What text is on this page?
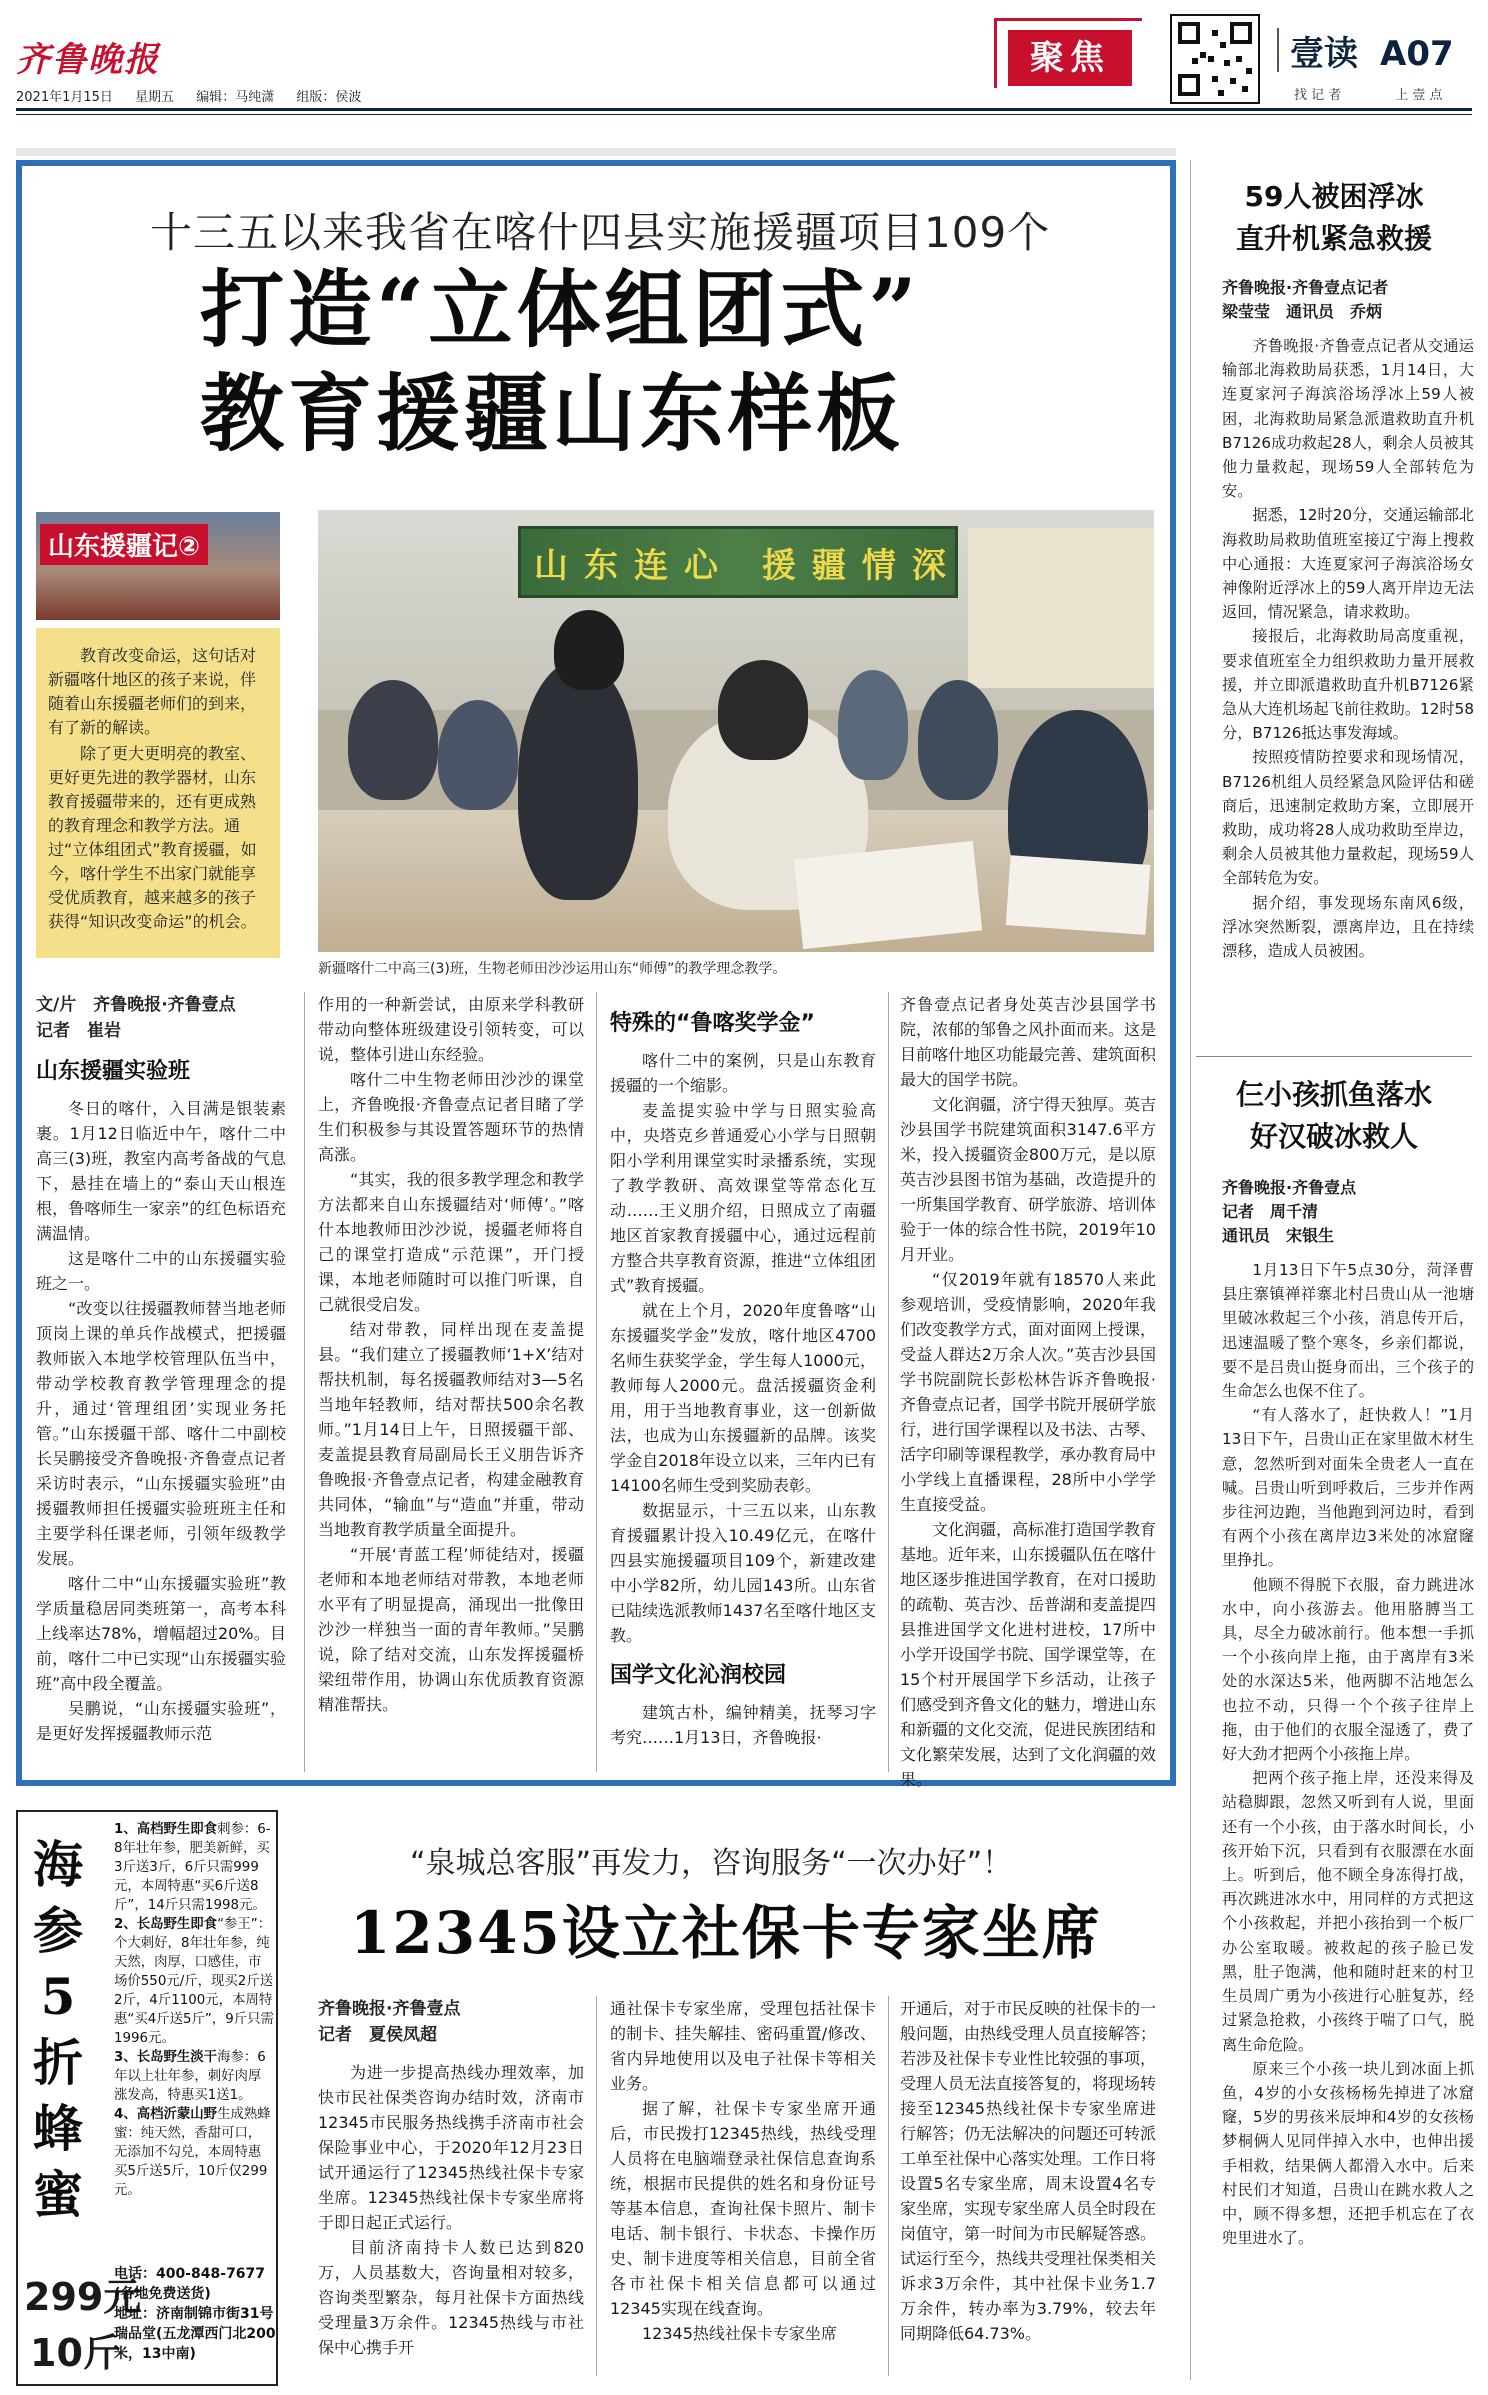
齐鲁晚报
2021年1月15日 星期五 编辑：马纯潇 组版：侯波
聚焦	壹读 A07
找 记 者	上 壹 点
十三五以来我省在喀什四县实施援疆项目109个
打造“立体组团式”
教育援疆山东样板
山东援疆记②

教育改变命运，这句话对新疆喀什地区的孩子来说，伴随着山东援疆老师们的到来，有了新的解读。

除了更大更明亮的教室、更好更先进的教学器材，山东教育援疆带来的，还有更成熟的教育理念和教学方法。通过“立体组团式”教育援疆，如今，喀什学生不出家门就能享受优质教育，越来越多的孩子获得“知识改变命运”的机会。

山东连心 援疆情深
新疆喀什二中高三(3)班，生物老师田沙沙运用山东“师傅”的教学理念教学。
文/片　齐鲁晚报·齐鲁壹点
记者　崔岩
山东援疆实验班

冬日的喀什，入目满是银装素裹。1月12日临近中午，喀什二中高三(3)班，教室内高考备战的气息下，悬挂在墙上的“泰山天山根连根，鲁喀师生一家亲”的红色标语充满温情。

这是喀什二中的山东援疆实验班之一。

“改变以往援疆教师替当地老师顶岗上课的单兵作战模式，把援疆教师嵌入本地学校管理队伍当中，带动学校教育教学管理理念的提升，通过‘管理组团’实现业务托管。”山东援疆干部、喀什二中副校长吴鹏接受齐鲁晚报·齐鲁壹点记者采访时表示，“山东援疆实验班”由援疆教师担任援疆实验班班主任和主要学科任课老师，引领年级教学发展。

喀什二中“山东援疆实验班”教学质量稳居同类班第一，高考本科上线率达78%，增幅超过20%。目前，喀什二中已实现“山东援疆实验班”高中段全覆盖。

吴鹏说，“山东援疆实验班”，是更好发挥援疆教师示范

作用的一种新尝试，由原来学科教研带动向整体班级建设引领转变，可以说，整体引进山东经验。

喀什二中生物老师田沙沙的课堂上，齐鲁晚报·齐鲁壹点记者目睹了学生们积极参与其设置答题环节的热情高涨。

“其实，我的很多教学理念和教学方法都来自山东援疆结对‘师傅’。”喀什本地教师田沙沙说，援疆老师将自己的课堂打造成“示范课”，开门授课，本地老师随时可以推门听课，自己就很受启发。

结对带教，同样出现在麦盖提县。“我们建立了援疆教师‘1+X’结对帮扶机制，每名援疆教师结对3—5名当地年轻教师，结对帮扶500余名教师。”1月14日上午，日照援疆干部、麦盖提县教育局副局长王义朋告诉齐鲁晚报·齐鲁壹点记者，构建金融教育共同体，“输血”与“造血”并重，带动当地教育教学质量全面提升。

“开展‘青蓝工程’师徒结对，援疆老师和本地老师结对带教，本地老师水平有了明显提高，涌现出一批像田沙沙一样独当一面的青年教师。”吴鹏说，除了结对交流，山东发挥援疆桥梁纽带作用，协调山东优质教育资源精准帮扶。

特殊的“鲁喀奖学金”

喀什二中的案例，只是山东教育援疆的一个缩影。

麦盖提实验中学与日照实验高中，央塔克乡普通爱心小学与日照朝阳小学利用课堂实时录播系统，实现了教学教研、高效课堂等常态化互动……王义朋介绍，日照成立了南疆地区首家教育援疆中心，通过远程前方整合共享教育资源，推进“立体组团式”教育援疆。

就在上个月，2020年度鲁喀“山东援疆奖学金”发放，喀什地区4700名师生获奖学金，学生每人1000元，教师每人2000元。盘活援疆资金利用，用于当地教育事业，这一创新做法，也成为山东援疆新的品牌。该奖学金自2018年设立以来，三年内已有14100名师生受到奖励表彰。

数据显示，十三五以来，山东教育援疆累计投入10.49亿元，在喀什四县实施援疆项目109个，新建改建中小学82所，幼儿园143所。山东省已陆续选派教师1437名至喀什地区支教。

国学文化沁润校园

建筑古朴，编钟精美，抚琴习字考究……1月13日，齐鲁晚报·

齐鲁壹点记者身处英吉沙县国学书院，浓郁的邹鲁之风扑面而来。这是目前喀什地区功能最完善、建筑面积最大的国学书院。

文化润疆，济宁得天独厚。英吉沙县国学书院建筑面积3147.6平方米，投入援疆资金800万元，是以原英吉沙县图书馆为基础，改造提升的一所集国学教育、研学旅游、培训体验于一体的综合性书院，2019年10月开业。

“仅2019年就有18570人来此参观培训，受疫情影响，2020年我们改变教学方式，面对面网上授课，受益人群达2万余人次。”英吉沙县国学书院副院长彭松林告诉齐鲁晚报·齐鲁壹点记者，国学书院开展研学旅行，进行国学课程以及书法、古琴、活字印刷等课程教学，承办教育局中小学线上直播课程，28所中小学学生直接受益。

文化润疆，高标准打造国学教育基地。近年来，山东援疆队伍在喀什地区逐步推进国学教育，在对口援助的疏勒、英吉沙、岳普湖和麦盖提四县推进国学文化进村进校，17所中小学开设国学书院、国学课堂等，在15个村开展国学下乡活动，让孩子们感受到齐鲁文化的魅力，增进山东和新疆的文化交流，促进民族团结和文化繁荣发展，达到了文化润疆的效果。

海参5折蜂蜜
1、高档野生即食刺参：6-8年壮年参，肥美新鲜，买3斤送3斤，6斤只需999元，本周特惠“买6斤送8斤”，14斤只需1998元。
2、长岛野生即食“参王”：个大刺好，8年壮年参，纯天然，肉厚，口感佳，市场价550元/斤，现买2斤送2斤，4斤1100元，本周特惠“买4斤送5斤”，9斤只需1996元。
3、长岛野生淡干海参：6年以上壮年参，刺好肉厚涨发高，特惠买1送1。
4、高档沂蒙山野生成熟蜂蜜：纯天然，香甜可口，无添加不勾兑，本周特惠买5斤送5斤，10斤仅299元。
299元
10斤
电话：400-848-7677
(各地免费送货)
地址：济南制锦市街31号瑞品堂(五龙潭西门北200米，13中南)
“泉城总客服”再发力，咨询服务“一次办好”！
12345设立社保卡专家坐席
齐鲁晚报·齐鲁壹点
记者　夏侯凤超

为进一步提高热线办理效率，加快市民社保类咨询办结时效，济南市12345市民服务热线携手济南市社会保险事业中心，于2020年12月23日试开通运行了12345热线社保卡专家坐席。12345热线社保卡专家坐席将于即日起正式运行。

目前济南持卡人数已达到820万，人员基数大，咨询量相对较多，咨询类型繁杂，每月社保卡方面热线受理量3万余件。12345热线与市社保中心携手开

通社保卡专家坐席，受理包括社保卡的制卡、挂失解挂、密码重置/修改、省内异地使用以及电子社保卡等相关业务。

据了解，社保卡专家坐席开通后，市民拨打12345热线，热线受理人员将在电脑端登录社保信息查询系统，根据市民提供的姓名和身份证号等基本信息，查询社保卡照片、制卡电话、制卡银行、卡状态、卡操作历史、制卡进度等相关信息，目前全省各市社保卡相关信息都可以通过12345实现在线查询。

12345热线社保卡专家坐席

开通后，对于市民反映的社保卡的一般问题，由热线受理人员直接解答；若涉及社保卡专业性比较强的事项，受理人员无法直接答复的，将现场转接至12345热线社保卡专家坐席进行解答；仍无法解决的问题还可转派工单至社保中心落实处理。工作日将设置5名专家坐席，周末设置4名专家坐席，实现专家坐席人员全时段在岗值守，第一时间为市民解疑答惑。试运行至今，热线共受理社保类相关诉求3万余件，其中社保卡业务1.7万余件，转办率为3.79%，较去年同期降低64.73%。

59人被困浮冰
直升机紧急救援
齐鲁晚报·齐鲁壹点记者
梁莹莹　通讯员　乔炳

齐鲁晚报·齐鲁壹点记者从交通运输部北海救助局获悉，1月14日，大连夏家河子海滨浴场浮冰上59人被困，北海救助局紧急派遣救助直升机B7126成功救起28人，剩余人员被其他力量救起，现场59人全部转危为安。

据悉，12时20分，交通运输部北海救助局救助值班室接辽宁海上搜救中心通报：大连夏家河子海滨浴场女神像附近浮冰上的59人离开岸边无法返回，情况紧急，请求救助。

接报后，北海救助局高度重视，要求值班室全力组织救助力量开展救援，并立即派遣救助直升机B7126紧急从大连机场起飞前往救助。12时58分，B7126抵达事发海域。

按照疫情防控要求和现场情况，B7126机组人员经紧急风险评估和磋商后，迅速制定救助方案，立即展开救助，成功将28人成功救助至岸边，剩余人员被其他力量救起，现场59人全部转危为安。

据介绍，事发现场东南风6级，浮冰突然断裂，漂离岸边，且在持续漂移，造成人员被困。

仨小孩抓鱼落水
好汉破冰救人
齐鲁晚报·齐鲁壹点
记者　周千清
通讯员　宋银生

1月13日下午5点30分，菏泽曹县庄寨镇禅祥寨北村吕贵山从一池塘里破冰救起三个小孩，消息传开后，迅速温暖了整个寒冬，乡亲们都说，要不是吕贵山挺身而出，三个孩子的生命怎么也保不住了。

“有人落水了，赶快救人！”1月13日下午，吕贵山正在家里做木材生意，忽然听到对面朱全贵老人一直在喊。吕贵山听到呼救后，三步并作两步往河边跑，当他跑到河边时，看到有两个小孩在离岸边3米处的冰窟窿里挣扎。

他顾不得脱下衣服，奋力跳进冰水中，向小孩游去。他用胳膊当工具，尽全力破冰前行。他本想一手抓一个小孩向岸上拖，由于离岸有3米处的水深达5米，他两脚不沾地怎么也拉不动，只得一个个孩子往岸上拖，由于他们的衣服全湿透了，费了好大劲才把两个小孩拖上岸。

把两个孩子拖上岸，还没来得及站稳脚跟，忽然又听到有人说，里面还有一个小孩，由于落水时间长，小孩开始下沉，只看到有衣服漂在水面上。听到后，他不顾全身冻得打战，再次跳进冰水中，用同样的方式把这个小孩救起，并把小孩抬到一个板厂办公室取暖。被救起的孩子脸已发黑，肚子饱满，他和随时赶来的村卫生员周广勇为小孩进行心脏复苏，经过紧急抢救，小孩终于喘了口气，脱离生命危险。

原来三个小孩一块儿到冰面上抓鱼，4岁的小女孩杨杨先掉进了冰窟窿，5岁的男孩米辰坤和4岁的女孩杨梦桐俩人见同伴掉入水中，也伸出援手相救，结果俩人都滑入水中。后来村民们才知道，吕贵山在跳水救人之中，顾不得多想，还把手机忘在了衣兜里进水了。
